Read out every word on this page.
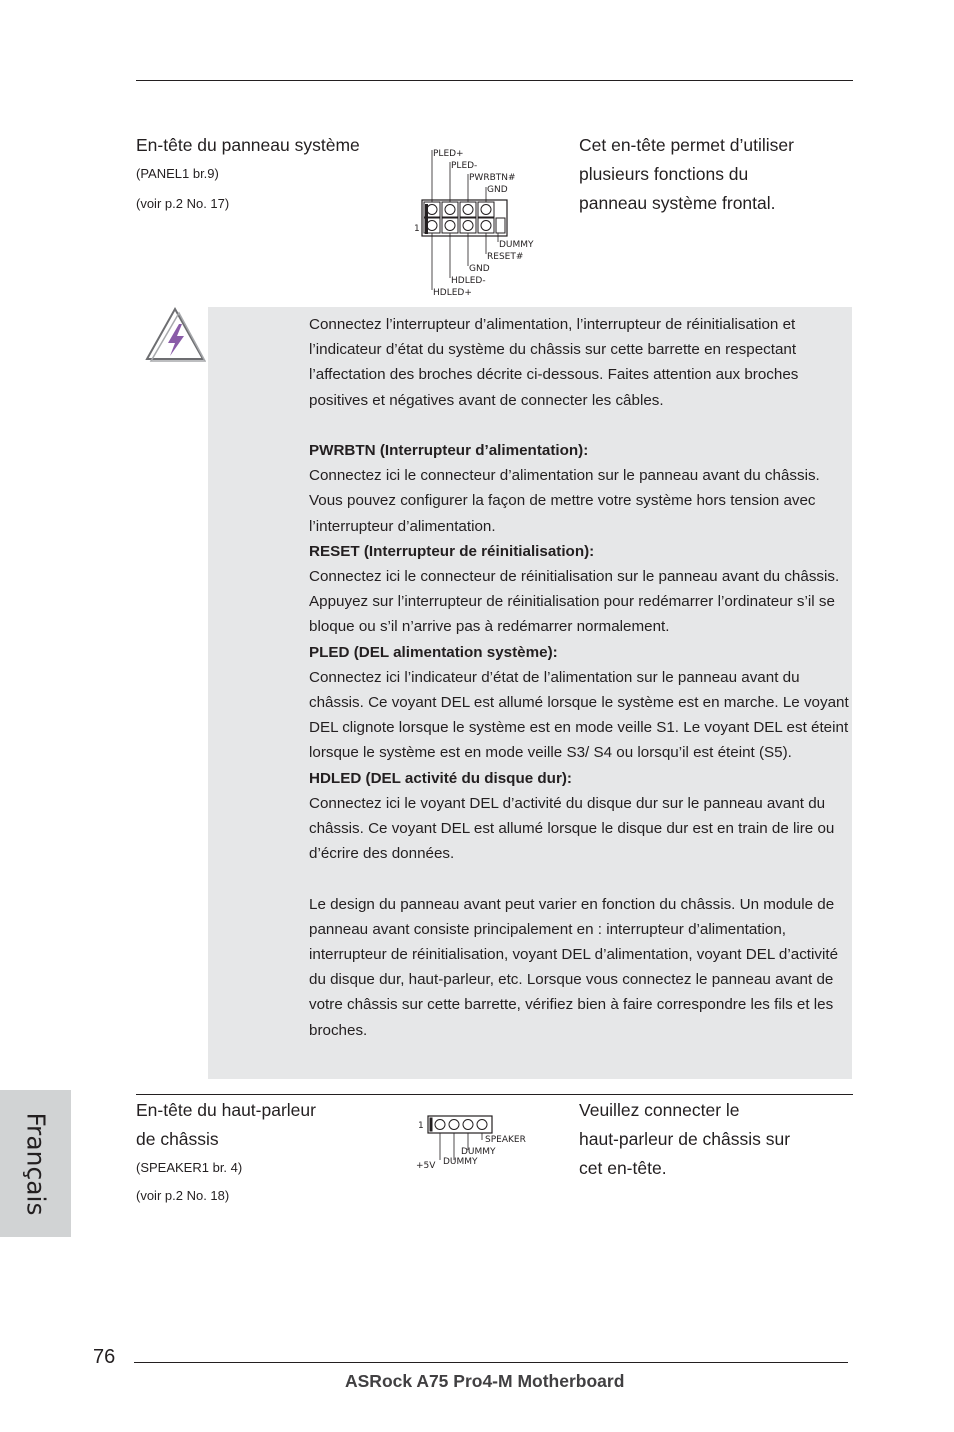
En-tête du panneau système
(PANEL1 br.9)
(voir p.2 No. 17)
1
PLED+
PLED-
PWRBTN#
GND
DUMMY
RESET#
GND
HDLED-
HDLED+
Cet en-tête permet d’utiliser
plusieurs fonctions du
panneau système frontal.

Connectez l’interrupteur d’alimentation, l’interrupteur de réinitialisation et l’indicateur d’état du système du châssis sur cette barrette en respectant l’affectation des broches décrite ci-dessous. Faites attention aux broches positives et négatives avant de connecter les câbles.

PWRBTN (Interrupteur d’alimentation):

Connectez ici le connecteur d’alimentation sur le panneau avant du châssis. Vous pouvez configurer la façon de mettre votre système hors tension avec l’interrupteur d’alimentation.

RESET (Interrupteur de réinitialisation):

Connectez ici le connecteur de réinitialisation sur le panneau avant du châssis. Appuyez sur l’interrupteur de réinitialisation pour redémarrer l’ordinateur s’il se bloque ou s’il n’arrive pas à redémarrer normalement.

PLED (DEL alimentation système):

Connectez ici l’indicateur d’état de l’alimentation sur le panneau avant du châssis. Ce voyant DEL est allumé lorsque le système est en marche. Le voyant DEL clignote lorsque le système est en mode veille S1. Le voyant DEL est éteint lorsque le système est en mode veille S3/ S4 ou lorsqu’il est éteint (S5).

HDLED (DEL activité du disque dur):

Connectez ici le voyant DEL d’activité du disque dur sur le panneau avant du châssis. Ce voyant DEL est allumé lorsque le disque dur est en train de lire ou d’écrire des données.

Le design du panneau avant peut varier en fonction du châssis. Un module de panneau avant consiste principalement en : interrupteur d’alimentation, interrupteur de réinitialisation, voyant DEL d’alimentation, voyant DEL d’activité du disque dur, haut-parleur, etc. Lorsque vous connectez le panneau avant de votre châssis sur cette barrette, vérifiez bien à faire correspondre les fils et les broches.

En-tête du haut-parleur
de châssis
(SPEAKER1 br. 4)
(voir p.2 No. 18)
1
SPEAKER
DUMMY
+5V DUMMY
Veuillez connecter le
haut-parleur de châssis sur
cet en-tête.
Français
76
ASRock A75 Pro4-M Motherboard
